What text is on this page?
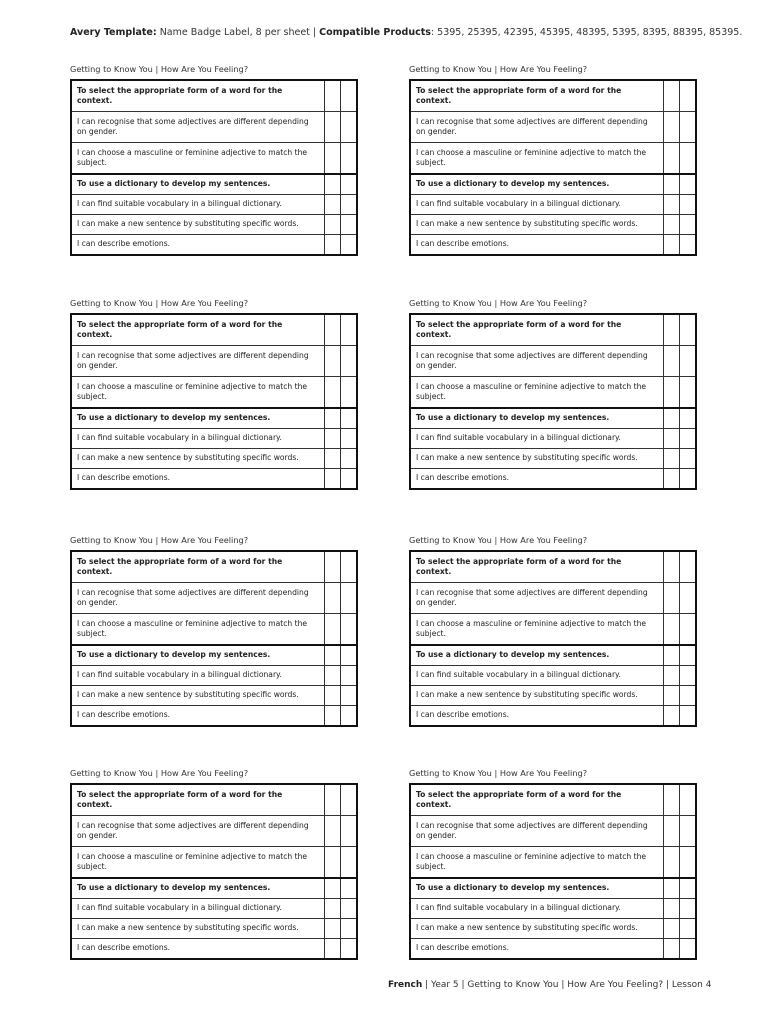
Avery Template: Name Badge Label, 8 per sheet | Compatible Products: 5395, 25395, 42395, 45395, 48395, 5395, 8395, 88395, 85395.
Getting to Know You | How Are You Feeling?
To select the appropriate form of a word for the context.		
I can recognise that some adjectives are different depending on gender.		
I can choose a masculine or feminine adjective to match the subject.		
To use a dictionary to develop my sentences.		
I can find suitable vocabulary in a bilingual dictionary.		
I can make a new sentence by substituting specific words.		
I can describe emotions.		
Getting to Know You | How Are You Feeling?
To select the appropriate form of a word for the context.		
I can recognise that some adjectives are different depending on gender.		
I can choose a masculine or feminine adjective to match the subject.		
To use a dictionary to develop my sentences.		
I can find suitable vocabulary in a bilingual dictionary.		
I can make a new sentence by substituting specific words.		
I can describe emotions.		
Getting to Know You | How Are You Feeling?
To select the appropriate form of a word for the context.		
I can recognise that some adjectives are different depending on gender.		
I can choose a masculine or feminine adjective to match the subject.		
To use a dictionary to develop my sentences.		
I can find suitable vocabulary in a bilingual dictionary.		
I can make a new sentence by substituting specific words.		
I can describe emotions.		
Getting to Know You | How Are You Feeling?
To select the appropriate form of a word for the context.		
I can recognise that some adjectives are different depending on gender.		
I can choose a masculine or feminine adjective to match the subject.		
To use a dictionary to develop my sentences.		
I can find suitable vocabulary in a bilingual dictionary.		
I can make a new sentence by substituting specific words.		
I can describe emotions.		
Getting to Know You | How Are You Feeling?
To select the appropriate form of a word for the context.		
I can recognise that some adjectives are different depending on gender.		
I can choose a masculine or feminine adjective to match the subject.		
To use a dictionary to develop my sentences.		
I can find suitable vocabulary in a bilingual dictionary.		
I can make a new sentence by substituting specific words.		
I can describe emotions.		
Getting to Know You | How Are You Feeling?
To select the appropriate form of a word for the context.		
I can recognise that some adjectives are different depending on gender.		
I can choose a masculine or feminine adjective to match the subject.		
To use a dictionary to develop my sentences.		
I can find suitable vocabulary in a bilingual dictionary.		
I can make a new sentence by substituting specific words.		
I can describe emotions.		
Getting to Know You | How Are You Feeling?
To select the appropriate form of a word for the context.		
I can recognise that some adjectives are different depending on gender.		
I can choose a masculine or feminine adjective to match the subject.		
To use a dictionary to develop my sentences.		
I can find suitable vocabulary in a bilingual dictionary.		
I can make a new sentence by substituting specific words.		
I can describe emotions.		
Getting to Know You | How Are You Feeling?
To select the appropriate form of a word for the context.		
I can recognise that some adjectives are different depending on gender.		
I can choose a masculine or feminine adjective to match the subject.		
To use a dictionary to develop my sentences.		
I can find suitable vocabulary in a bilingual dictionary.		
I can make a new sentence by substituting specific words.		
I can describe emotions.		
French | Year 5 | Getting to Know You | How Are You Feeling? | Lesson 4
